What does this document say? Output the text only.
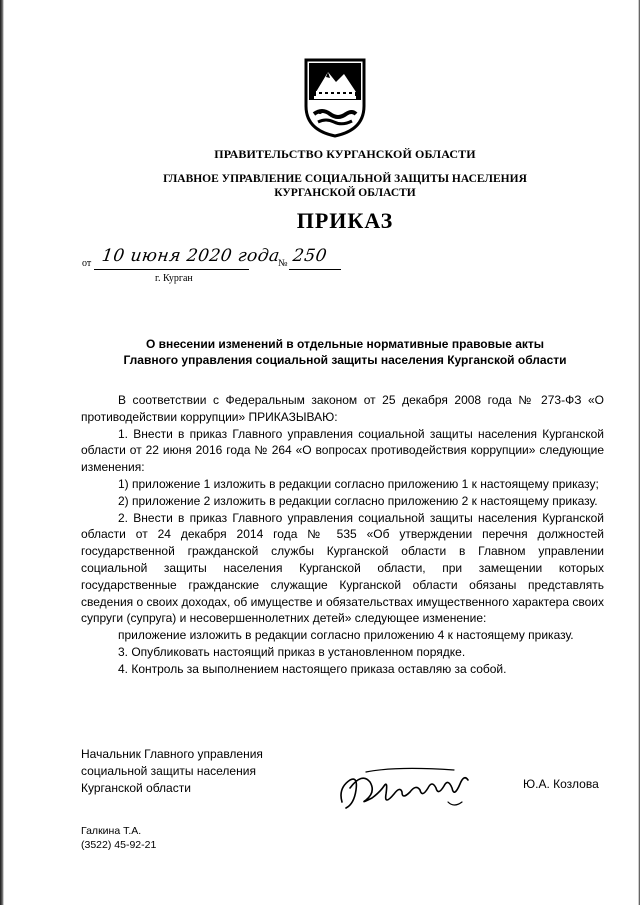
ПРАВИТЕЛЬСТВО КУРГАНСКОЙ ОБЛАСТИ
ГЛАВНОЕ УПРАВЛЕНИЕ СОЦИАЛЬНОЙ ЗАЩИТЫ НАСЕЛЕНИЯ
КУРГАНСКОЙ ОБЛАСТИ
ПРИКАЗ
от 10 июня 2020 года
№ 250
г. Курган
О внесении изменений в отдельные нормативные правовые акты
Главного управления социальной защиты населения Курганской области

В соответствии с Федеральным законом от 25 декабря 2008 года № 273-ФЗ «О противодействии коррупции» ПРИКАЗЫВАЮ:

1. Внести в приказ Главного управления социальной защиты населения Курганской области от 22 июня 2016 года № 264 «О вопросах противодействия коррупции» следующие изменения:

1) приложение 1 изложить в редакции согласно приложению 1 к настоящему приказу;

2) приложение 2 изложить в редакции согласно приложению 2 к настоящему приказу.

2. Внести в приказ Главного управления социальной защиты населения Курганской области от 24 декабря 2014 года № 535 «Об утверждении перечня должностей государственной гражданской службы Курганской области в Главном управлении социальной защиты населения Курганской области, при замещении которых государственные гражданские служащие Курганской области обязаны представлять сведения о своих доходах, об имуществе и обязательствах имущественного характера своих супруги (супруга) и несовершеннолетних детей» следующее изменение:

приложение изложить в редакции согласно приложению 4 к настоящему приказу.

3. Опубликовать настоящий приказ в установленном порядке.

4. Контроль за выполнением настоящего приказа оставляю за собой.

Начальник Главного управления
социальной защиты населения
Курганской области	Ю.А. Козлова
Галкина Т.А.
(3522) 45-92-21
